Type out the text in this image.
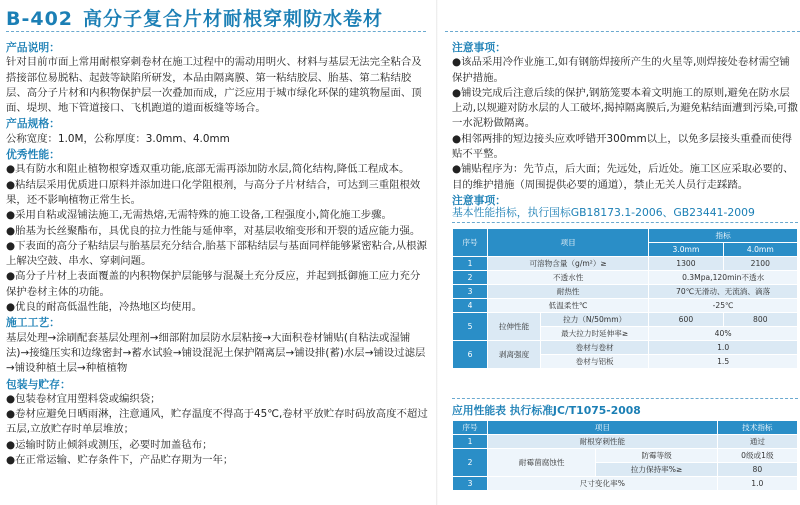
B-402 高分子复合片材耐根穿刺防水卷材
产品说明：

针对目前市面上常用耐根穿刺卷材在施工过程中的需动用明火、材料与基层无法完全粘合及搭接部位易脱粘、起鼓等缺陷所研发，本品由隔离膜、第一粘结胶层、胎基、第二粘结胶层、高分子片材和内积物保护层一次叠加而成，广泛应用于城市绿化环保的建筑物屋面、顶面、堤坝、地下管道接口、飞机跑道的道面板缝等场合。

产品规格：

公称宽度：1.0M，公称厚度：3.0mm、4.0mm

优秀性能：

●具有防水和阻止植物根穿透双重功能,底部无需再添加防水层,简化结构,降低工程成本。

●粘结层采用优质进口原料并添加进口化学阻根剂，与高分子片材结合，可达到三重阻根效果，还不影响植物正常生长。

●采用自粘或湿铺法施工,无需热熔,无需特殊的施工设备,工程强度小,简化施工步骤。

●胎基为长丝聚酯布，具优良的拉力性能与延伸率，对基层收缩变形和开裂的适应能力强。

●下表面的高分子粘结层与胎基层充分结合,胎基下部粘结层与基面同样能够紧密粘合,从根源上解决空鼓、串水、穿刺问题。

●高分子片材上表面覆盖的内积物保护层能够与混凝土充分反应，并起到抵御施工应力充分保护卷材主体的功能。

●优良的耐高低温性能，冷热地区均使用。

施工工艺：

基层处理→涂刷配套基层处理剂→细部附加层防水层粘接→大面积卷材铺贴(自粘法或湿铺法)→接缝压实和边缘密封→蓄水试验→铺设混泥土保护隔离层→铺设排(蓄)水层→铺设过滤层→铺设种植土层→种植植物

包装与贮存：

●包装卷材宜用塑料袋或编织袋；

●卷材应避免日晒雨淋，注意通风，贮存温度不得高于45℃,卷材平放贮存时码放高度不超过五层,立放贮存时单层堆放；

●运输时防止倾斜或测压，必要时加盖毡布；

●在正常运输、贮存条件下，产品贮存期为一年；

注意事项：

●该品采用冷作业施工,如有钢筋焊接所产生的火星等,则焊接处卷材需空铺保护措施。

●铺设完成后注意后续的保护,钢筋笼要本着文明施工的原则,避免在防水层上动,以规避对防水层的人工破坏,揭掉隔离膜后,为避免粘结面遭到污染,可撒一水泥粉做隔离。

●相邻两排的短边接头应欢呼错开300mm以上，以免多层接头重叠而使得贴不平整。

●铺贴程序为：先节点，后大面；先远处，后近处。施工区应采取必要的、目的维护措施（周围提供必要的通道），禁止无关人员行走踩踏。

注意事项：
基本性能指标，执行国标GB18173.1-2006、GB23441-2009
序号	项目		指标	
			3.0mm	4.0mm
1	可溶物含量（g/m²）≥		1300	2100
2	不透水性		0.3Mpa,120min不透水	
3	耐热性		70℃无滑动、无流淌、滴落	
4	低温柔性℃		-25℃	
5	拉伸性能	拉力（N/50mm）	600	800
		最大拉力时延伸率≥	40%	
6	剥离强度	卷材与卷材	1.0	
		卷材与铝板	1.5	
应用性能表 执行标准JC/T1075-2008
序号	项目		技术指标
1	耐根穿刺性能		通过
2	耐霉菌腐蚀性	防霉等级	0级或1级
		拉力保持率%≥	80
3	尺寸变化率%		1.0
